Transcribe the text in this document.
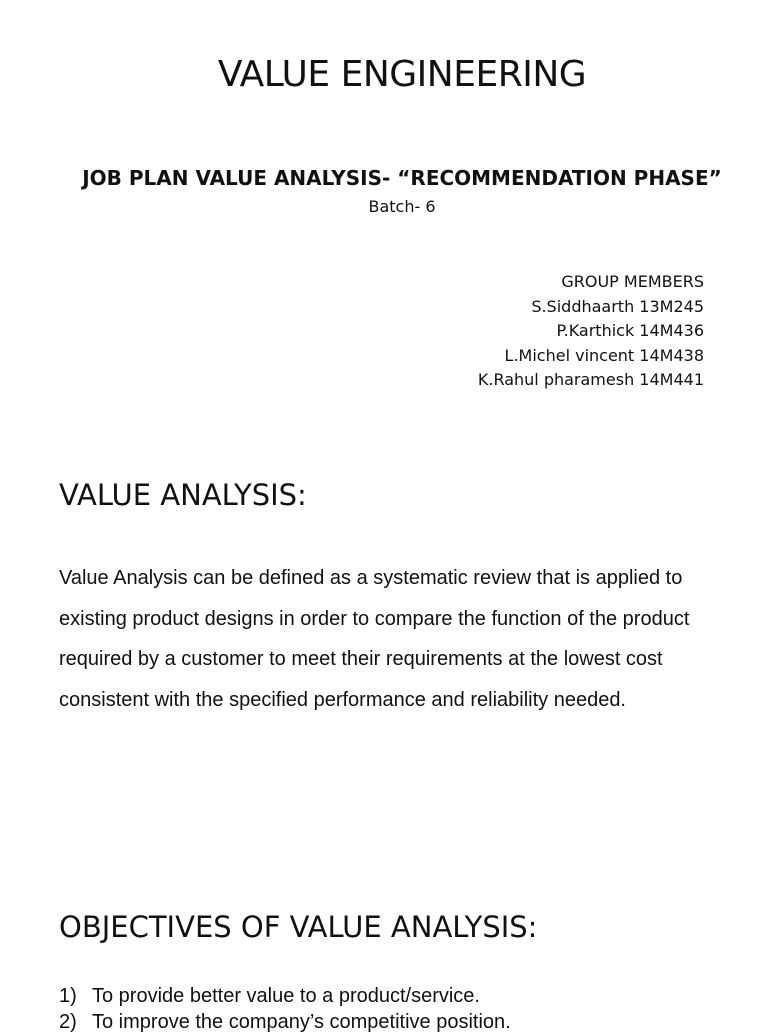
VALUE ENGINEERING
JOB PLAN VALUE ANALYSIS- “RECOMMENDATION PHASE”
Batch- 6
GROUP MEMBERS
S.Siddhaarth 13M245
P.Karthick 14M436
L.Michel vincent 14M438
K.Rahul pharamesh 14M441
VALUE ANALYSIS:
Value Analysis can be defined as a systematic review that is applied to existing product designs in order to compare the function of the product required by a customer to meet their requirements at the lowest cost consistent with the specified performance and reliability needed.
OBJECTIVES OF VALUE ANALYSIS:
1) To provide better value to a product/service.
2) To improve the company’s competitive position.
